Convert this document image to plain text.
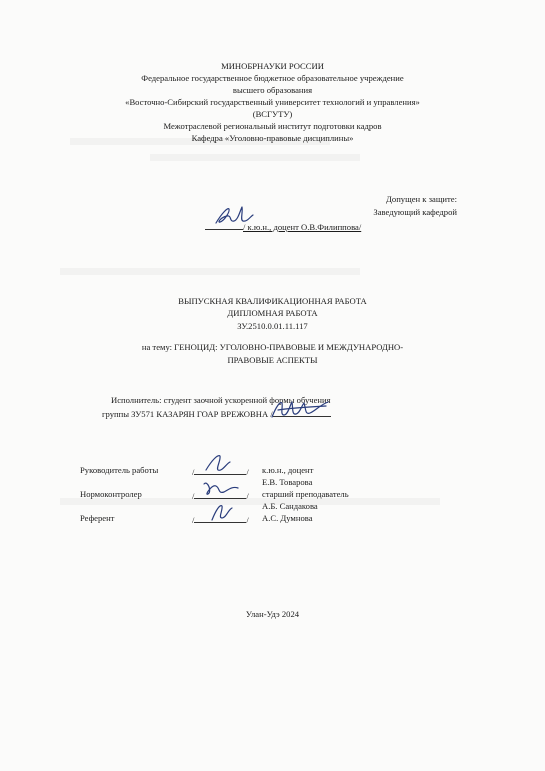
МИНОБРНАУКИ РОССИИ
Федеральное государственное бюджетное образовательное учреждение
высшего образования
«Восточно-Сибирский государственный университет технологий и управления»
(ВСГУТУ)
Межотраслевой региональный институт подготовки кадров
Кафедра «Уголовно-правовые дисциплины»
Допущен к защите:
Заведующий кафедрой
/ к.ю.н., доцент О.В.Филиппова/
ВЫПУСКНАЯ КВАЛИФИКАЦИОННАЯ РАБОТА
ДИПЛОМНАЯ РАБОТА
ЗУ.2510.0.01.11.117
на тему: ГЕНОЦИД: УГОЛОВНО-ПРАВОВЫЕ И МЕЖДУНАРОДНО-
ПРАВОВЫЕ АСПЕКТЫ
Исполнитель: студент заочной ускоренной формы обучения
группы ЗУ571 КАЗАРЯН ГОАР ВРЕЖОВНА /
Руководитель работы	/	/ к.ю.н., доцент
Е.В. Товарова
Нормоконтролер	/	/ старший преподаватель
А.Б. Сандакова
Референт	/	/ А.С. Думнова
Улан-Удэ 2024
